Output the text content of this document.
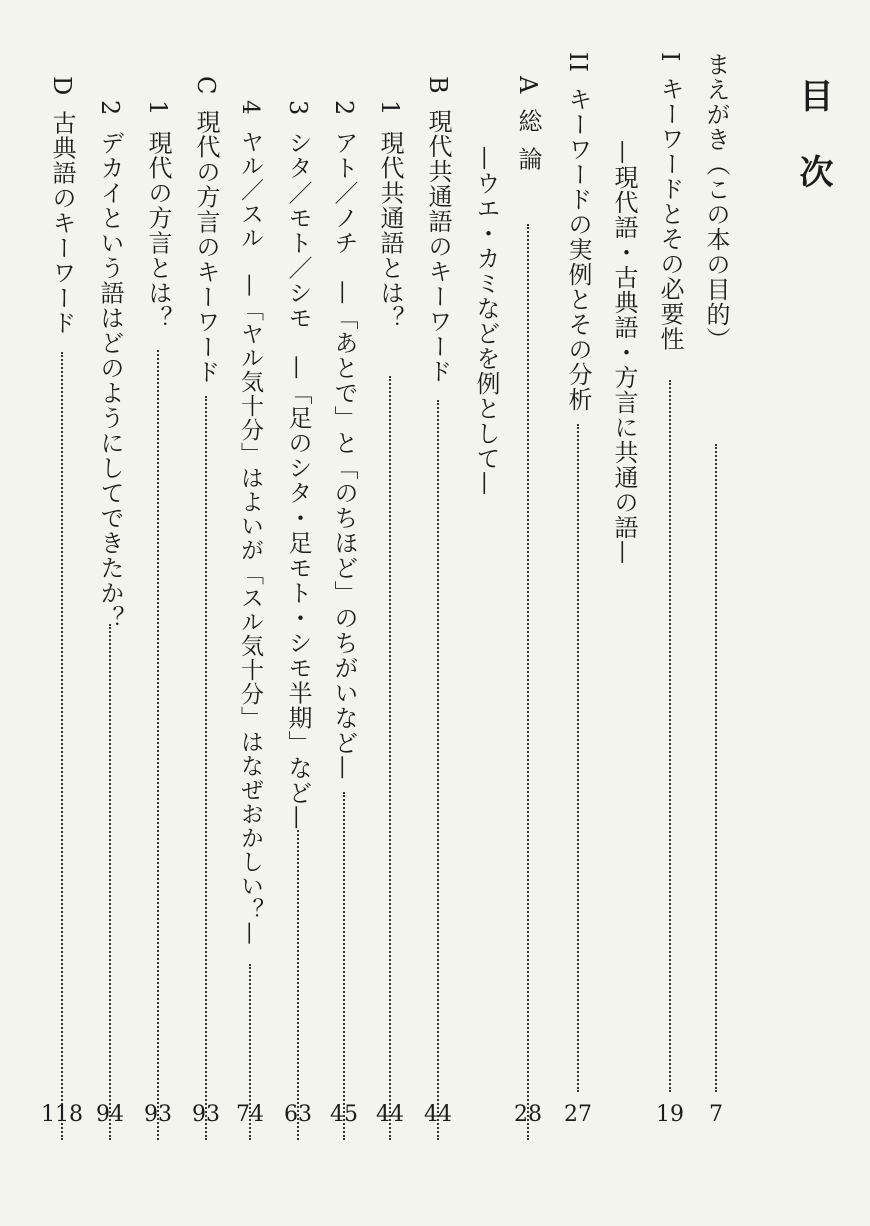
目次
まえがき（この本の目的）
7
Iキーワードとその必要性
19
—現代語・古典語・方言に共通の語—
IIキーワードの実例とその分析
27
A総論
28
—ウエ・カミなどを例として—
B現代共通語のキーワード
44
1現代共通語とは？
44
2アト／ノチ　—「あとで」と「のちほど」のちがいなど—
45
3シタ／モト／シモ　—「足のシタ・足モト・シモ半期」など—
63
4ヤル／スル　—「ヤル気十分」はよいが「スル気十分」はなぜおかしい？—
74
C現代の方言のキーワード
93
1現代の方言とは？
93
2デカイという語はどのようにしてできたか？
94
D古典語のキーワード
118
